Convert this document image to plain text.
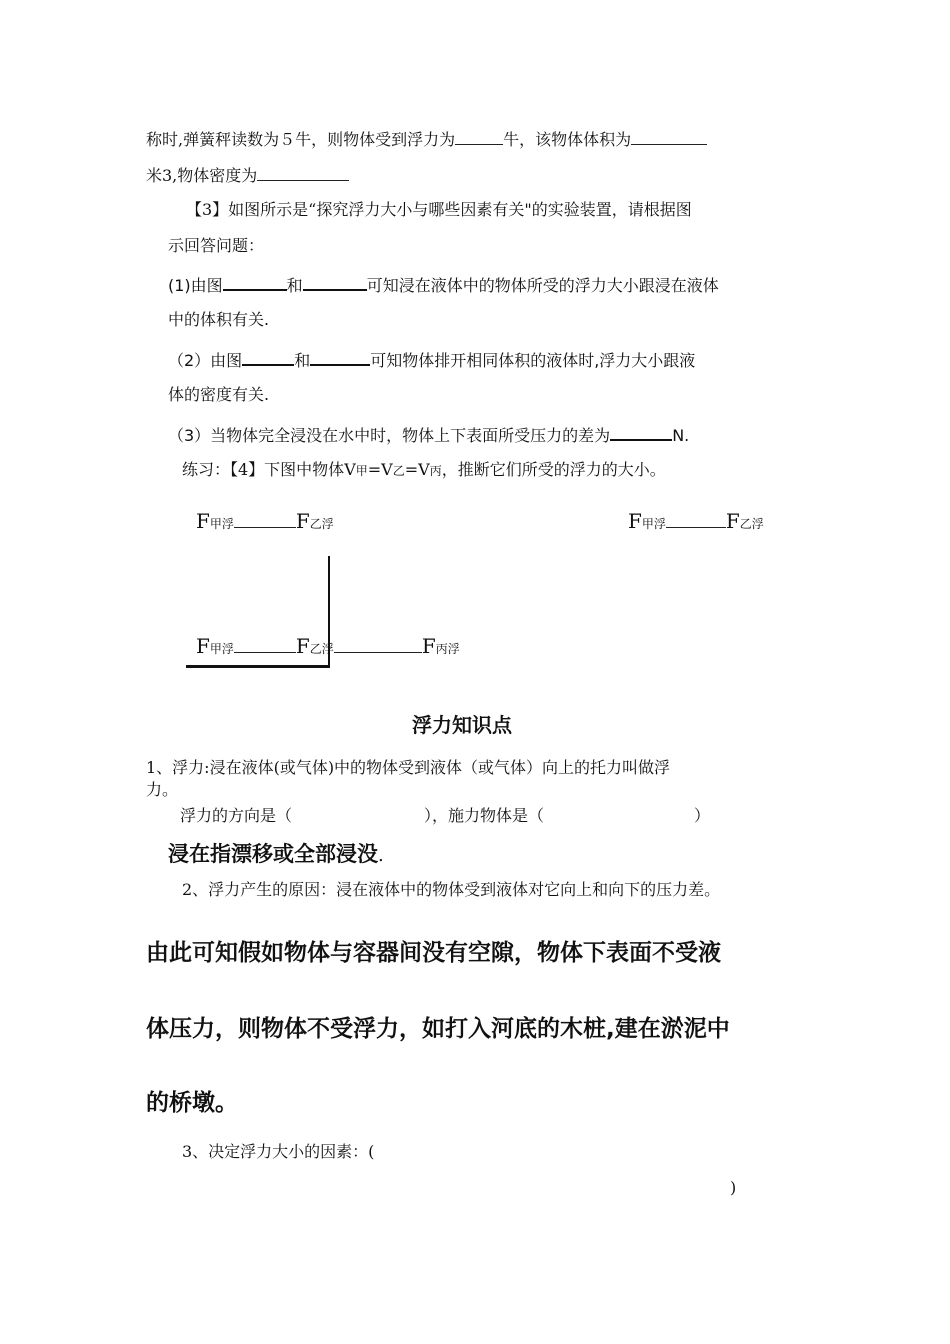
称时,弹簧秤读数为５牛，则物体受到浮力为	牛，该物体体积为
米3,物体密度为
【3】如图所示是“探究浮力大小与哪些因素有关"的实验装置，请根据图
示回答问题：
(1)由图	和	可知浸在液体中的物体所受的浮力大小跟浸在液体
中的体积有关.
（2）由图	和	可知物体排开相同体积的液体时,浮力大小跟液
体的密度有关.
（3）当物体完全浸没在水中时，物体上下表面所受压力的差为	N.
练习：【4】下图中物体V甲=V乙=V丙，推断它们所受的浮力的大小。
F甲浮	F乙浮	F甲浮	F乙浮
F甲浮	F乙浮	F丙浮
浮力知识点
1、浮力:浸在液体(或气体)中的物体受到液体（或气体）向上的托力叫做浮
力。
浮力的方向是（	），施力物体是（	）
浸在指漂移或全部浸没.
2、浮力产生的原因：浸在液体中的物体受到液体对它向上和向下的压力差。
由此可知假如物体与容器间没有空隙，物体下表面不受液
体压力，则物体不受浮力，如打入河底的木桩,建在淤泥中
的桥墩。
3、决定浮力大小的因素：(
)
